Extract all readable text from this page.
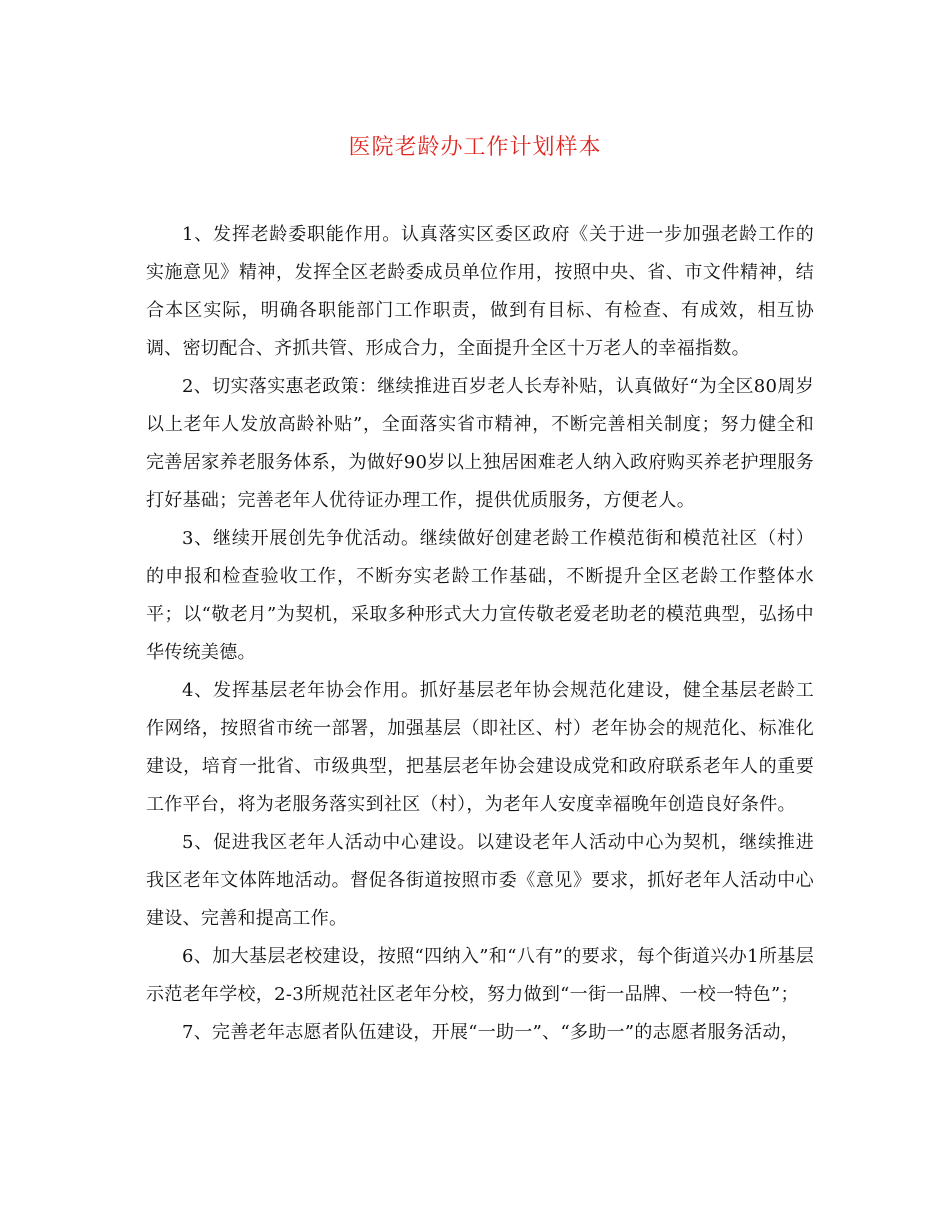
医院老龄办工作计划样本

1、发挥老龄委职能作用。认真落实区委区政府《关于进一步加强老龄工作的实施意见》精神，发挥全区老龄委成员单位作用，按照中央、省、市文件精神，结合本区实际，明确各职能部门工作职责，做到有目标、有检查、有成效，相互协调、密切配合、齐抓共管、形成合力，全面提升全区十万老人的幸福指数。

2、切实落实惠老政策：继续推进百岁老人长寿补贴，认真做好“为全区80周岁以上老年人发放高龄补贴”，全面落实省市精神，不断完善相关制度；努力健全和完善居家养老服务体系，为做好90岁以上独居困难老人纳入政府购买养老护理服务打好基础；完善老年人优待证办理工作，提供优质服务，方便老人。

3、继续开展创先争优活动。继续做好创建老龄工作模范街和模范社区（村）的申报和检查验收工作，不断夯实老龄工作基础，不断提升全区老龄工作整体水平；以“敬老月”为契机，采取多种形式大力宣传敬老爱老助老的模范典型，弘扬中华传统美德。

4、发挥基层老年协会作用。抓好基层老年协会规范化建设，健全基层老龄工作网络，按照省市统一部署，加强基层（即社区、村）老年协会的规范化、标准化建设，培育一批省、市级典型，把基层老年协会建设成党和政府联系老年人的重要工作平台，将为老服务落实到社区（村），为老年人安度幸福晚年创造良好条件。

5、促进我区老年人活动中心建设。以建设老年人活动中心为契机，继续推进我区老年文体阵地活动。督促各街道按照市委《意见》要求，抓好老年人活动中心建设、完善和提高工作。

6、加大基层老校建设，按照“四纳入”和“八有”的要求，每个街道兴办1所基层示范老年学校，2-3所规范社区老年分校，努力做到“一街一品牌、一校一特色”；

7、完善老年志愿者队伍建设，开展“一助一”、“多助一”的志愿者服务活动，
